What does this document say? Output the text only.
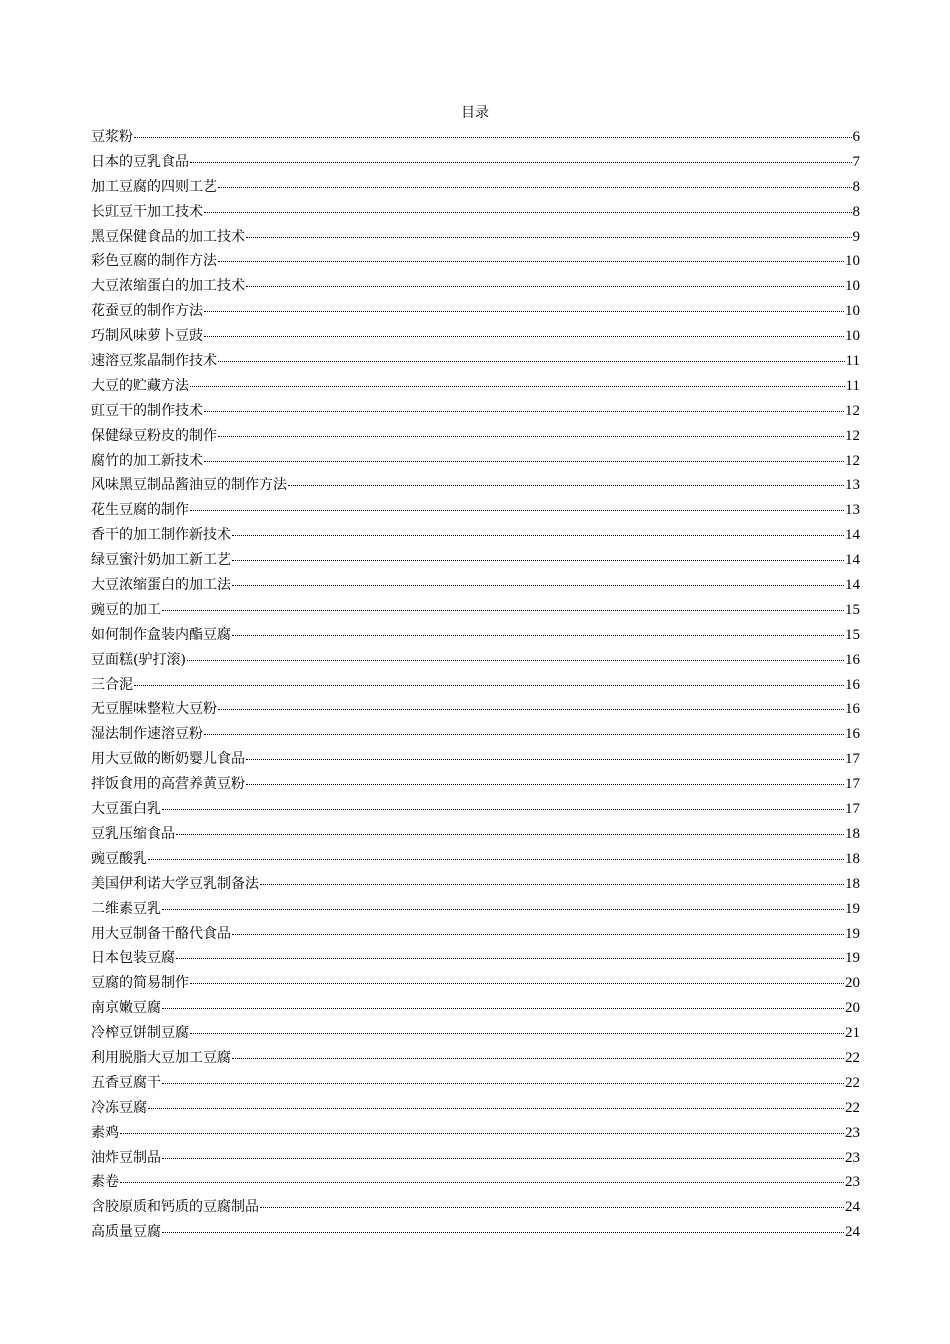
目录
豆浆粉	6
日本的豆乳食品	7
加工豆腐的四则工艺	8
长豇豆干加工技术	8
黑豆保健食品的加工技术	9
彩色豆腐的制作方法	10
大豆浓缩蛋白的加工技术	10
花蚕豆的制作方法	10
巧制风味萝卜豆豉	10
速溶豆浆晶制作技术	11
大豆的贮藏方法	11
豇豆干的制作技术	12
保健绿豆粉皮的制作	12
腐竹的加工新技术	12
风味黑豆制品酱油豆的制作方法	13
花生豆腐的制作	13
香干的加工制作新技术	14
绿豆蜜汁奶加工新工艺	14
大豆浓缩蛋白的加工法	14
豌豆的加工	15
如何制作盒装内酯豆腐	15
豆面糕(驴打滚)	16
三合泥	16
无豆腥味整粒大豆粉	16
湿法制作速溶豆粉	16
用大豆做的断奶婴儿食品	17
拌饭食用的高营养黄豆粉	17
大豆蛋白乳	17
豆乳压缩食品	18
豌豆酸乳	18
美国伊利诺大学豆乳制备法	18
二维素豆乳	19
用大豆制备干酪代食品	19
日本包装豆腐	19
豆腐的简易制作	20
南京嫩豆腐	20
冷榨豆饼制豆腐	21
利用脱脂大豆加工豆腐	22
五香豆腐干	22
冷冻豆腐	22
素鸡	23
油炸豆制品	23
素卷	23
含胶原质和钙质的豆腐制品	24
高质量豆腐	24
